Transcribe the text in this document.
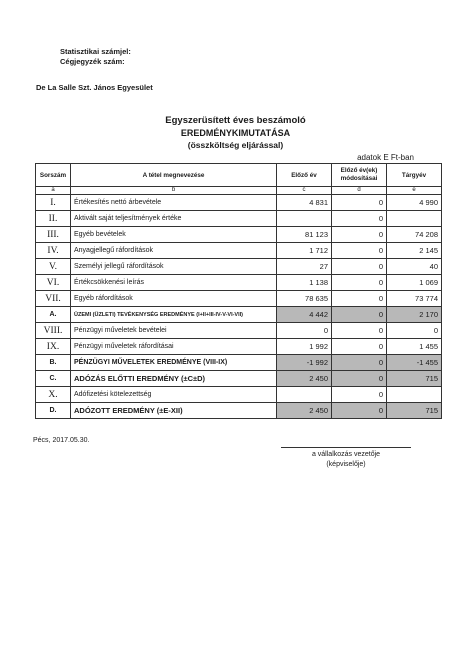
Statisztikai számjel:
Cégjegyzék szám:
De La Salle Szt. János Egyesület
Egyszerüsített éves beszámoló
EREDMÉNYKIMUTATÁSA
(összköltség eljárással)
adatok E Ft-ban
Sorszám	A tétel megnevezése	Előző év	Előző év(ek) módosításai	Tárgyév
a	b	c	d	e
I.	Értékesítés nettó árbevétele	4 831	0	4 990
II.	Aktivált saját teljesítmények értéke		0	
III.	Egyéb bevételek	81 123	0	74 208
IV.	Anyagjellegű ráfordítások	1 712	0	2 145
V.	Személyi jellegű ráfordítások	27	0	40
VI.	Értékcsökkenési leírás	1 138	0	1 069
VII.	Egyéb ráfordítások	78 635	0	73 774
A.	ÜZEMI (ÜZLETI) TEVÉKENYSÉG EREDMÉNYE (I+II+III-IV-V-VI-VII)	4 442	0	2 170
VIII.	Pénzügyi műveletek bevételei	0	0	0
IX.	Pénzügyi műveletek ráfordításai	1 992	0	1 455
B.	PÉNZÜGYI MŰVELETEK EREDMÉNYE (VIII-IX)	-1 992	0	-1 455
C.	ADÓZÁS ELŐTTI EREDMÉNY (±C±D)	2 450	0	715
X.	Adófizetési kötelezettség		0	
D.	ADÓZOTT EREDMÉNY (±E-XII)	2 450	0	715
Pécs, 2017.05.30.
a vállalkozás vezetője
(képviselője)
